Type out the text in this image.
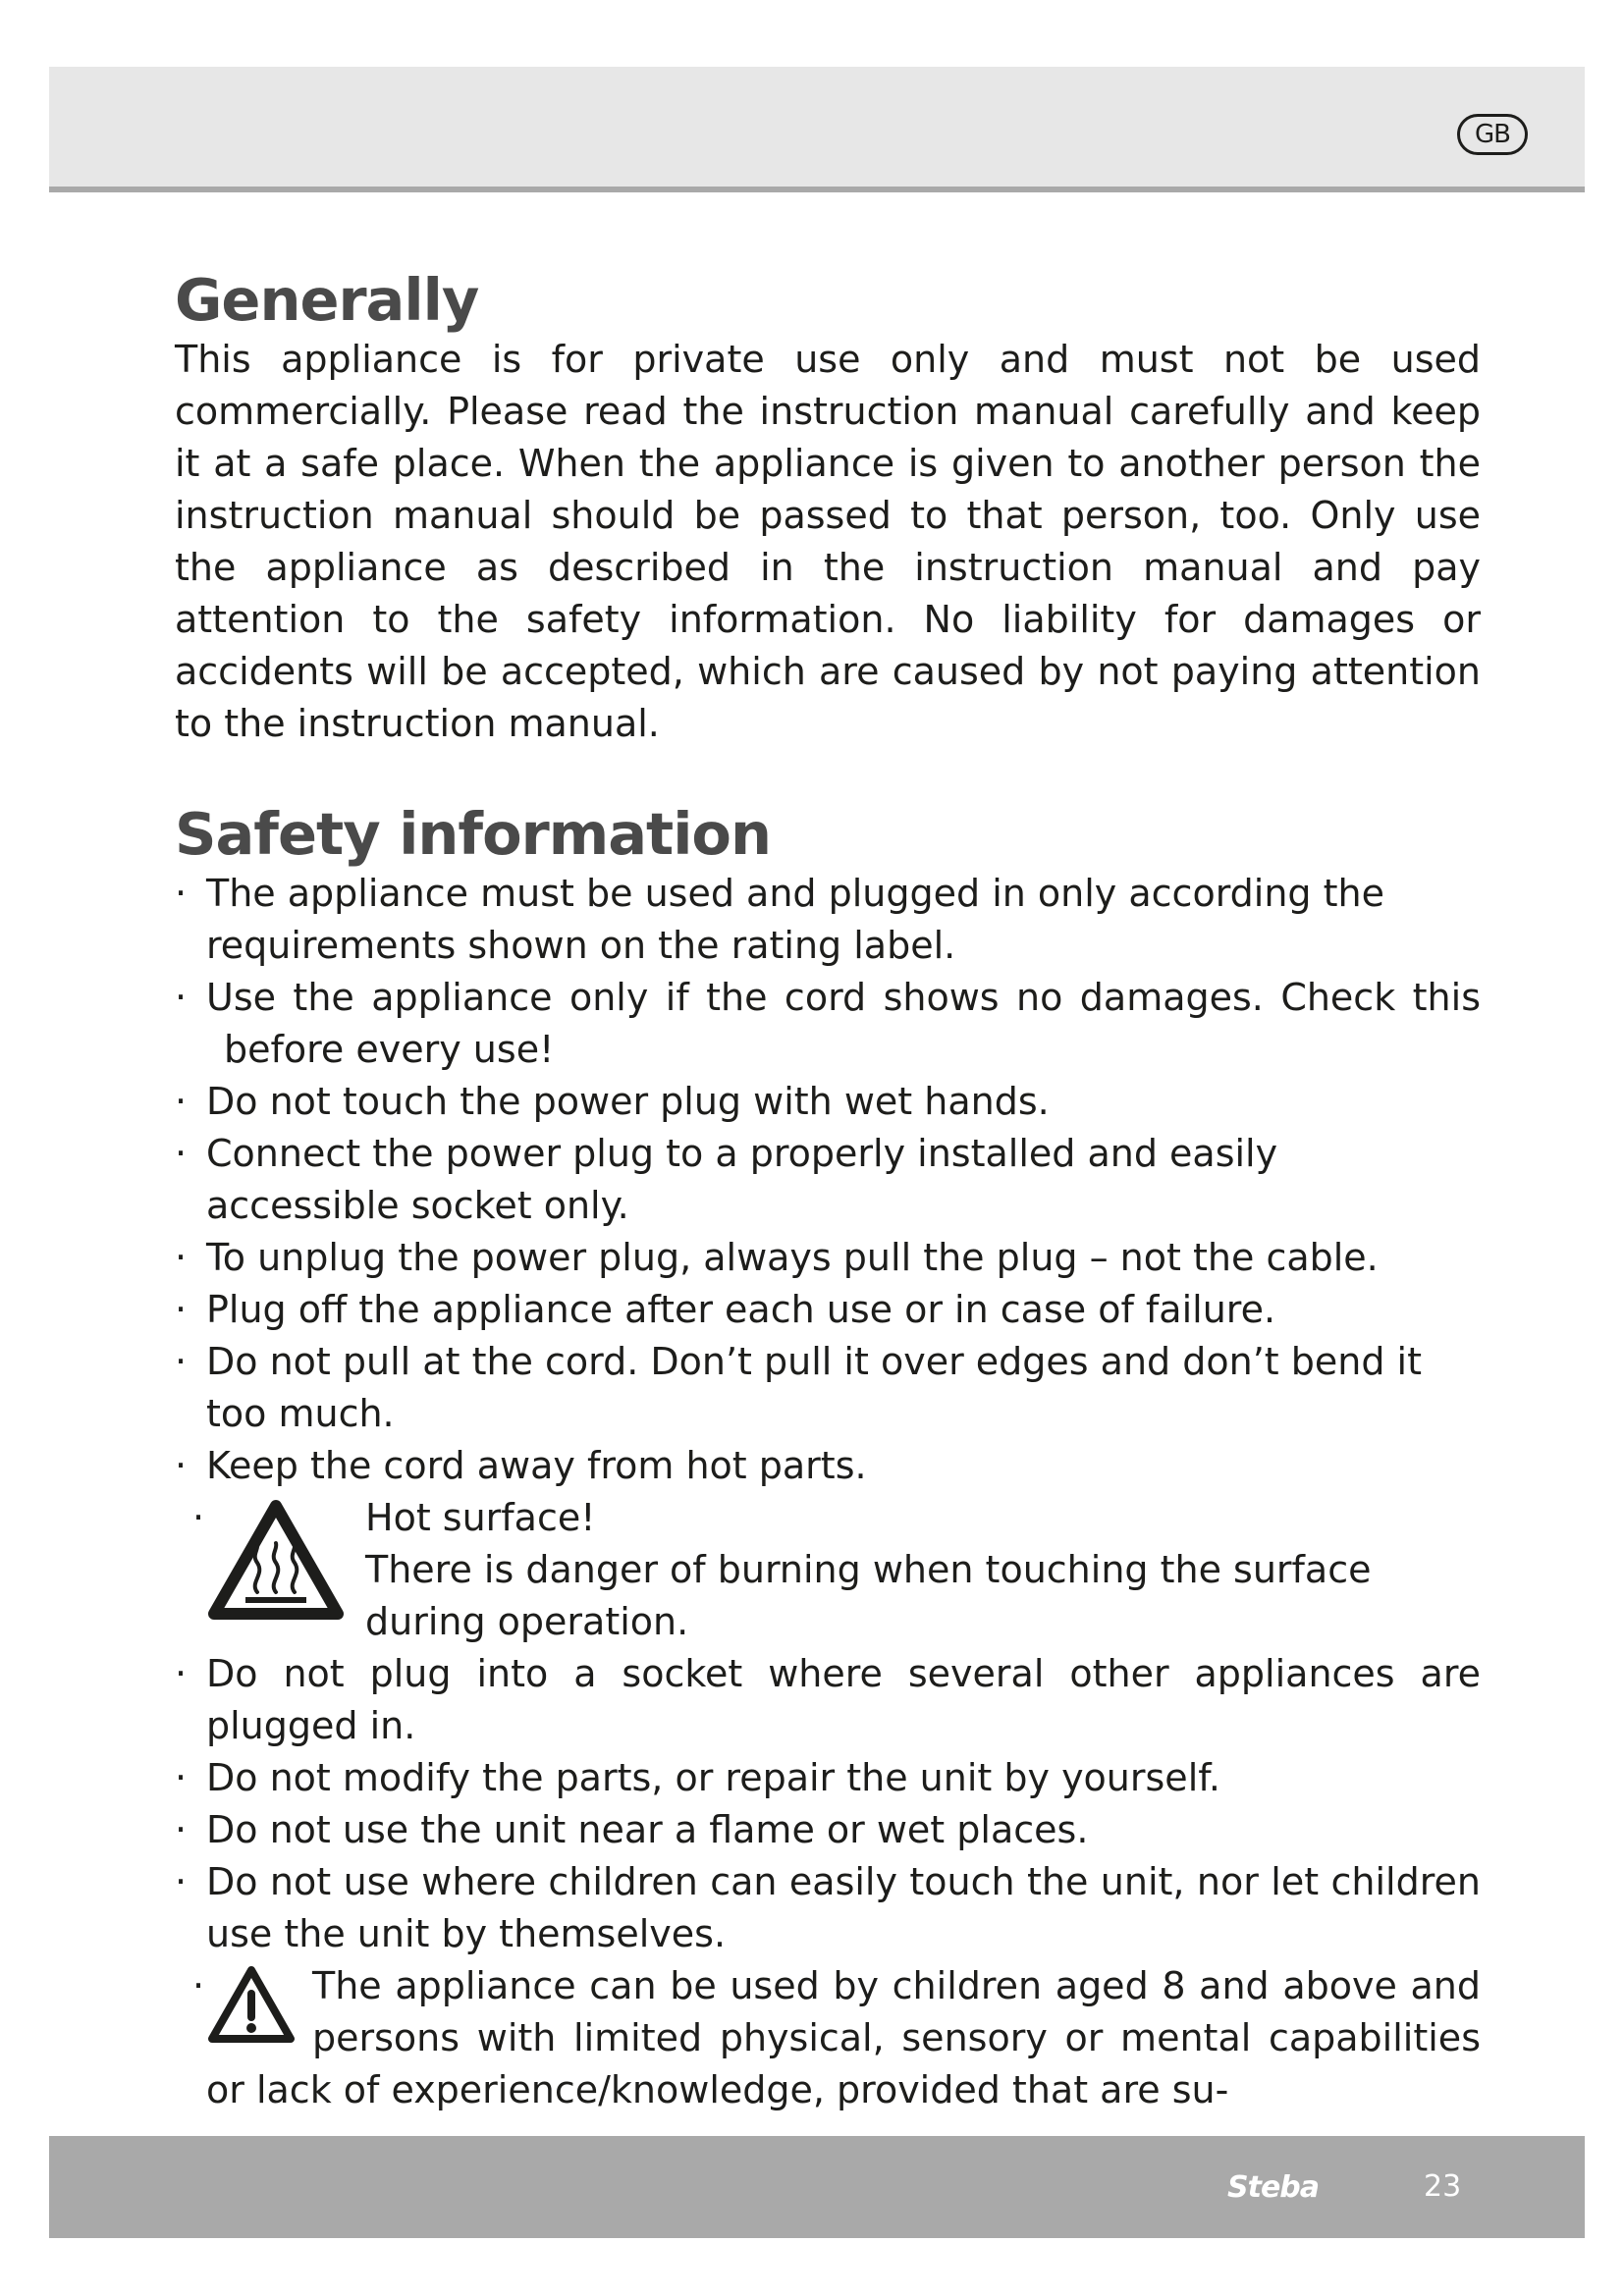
GB
Generally

This appliance is for private use only and must not be used commercially. Please read the instruction manual carefully and keep it at a safe place. When the appliance is given to another person the instruction manual should be passed to that person, too. Only use the appliance as described in the instruction manual and pay attention to the safety information. No liability for damages or accidents will be accepted, which are caused by not paying attention to the instruction manual.

Safety information
· The appliance must be used and plugged in only according the requirements shown on the rating label.
· Use the appliance only if the cord shows no damages. Check this before every use!
· Do not touch the power plug with wet hands.
· Connect the power plug to a properly installed and easily accessible socket only.
· To unplug the power plug, always pull the plug – not the cable.
· Plug off the appliance after each use or in case of failure.
· Do not pull at the cord. Don’t pull it over edges and don’t bend it too much.
· Keep the cord away from hot parts.
·	Hot surface!
There is danger of burning when touching the surface during operation.
· Do not plug into a socket where several other appliances are plugged in.
· Do not modify the parts, or repair the unit by yourself.
· Do not use the unit near a flame or wet places.
· Do not use where children can easily touch the unit, nor let children use the unit by themselves.
·	The appliance can be used by children aged 8 and above and persons with limited physical, sensory or mental capabilities or lack of experience/knowledge, provided that are su-
Steba	23
